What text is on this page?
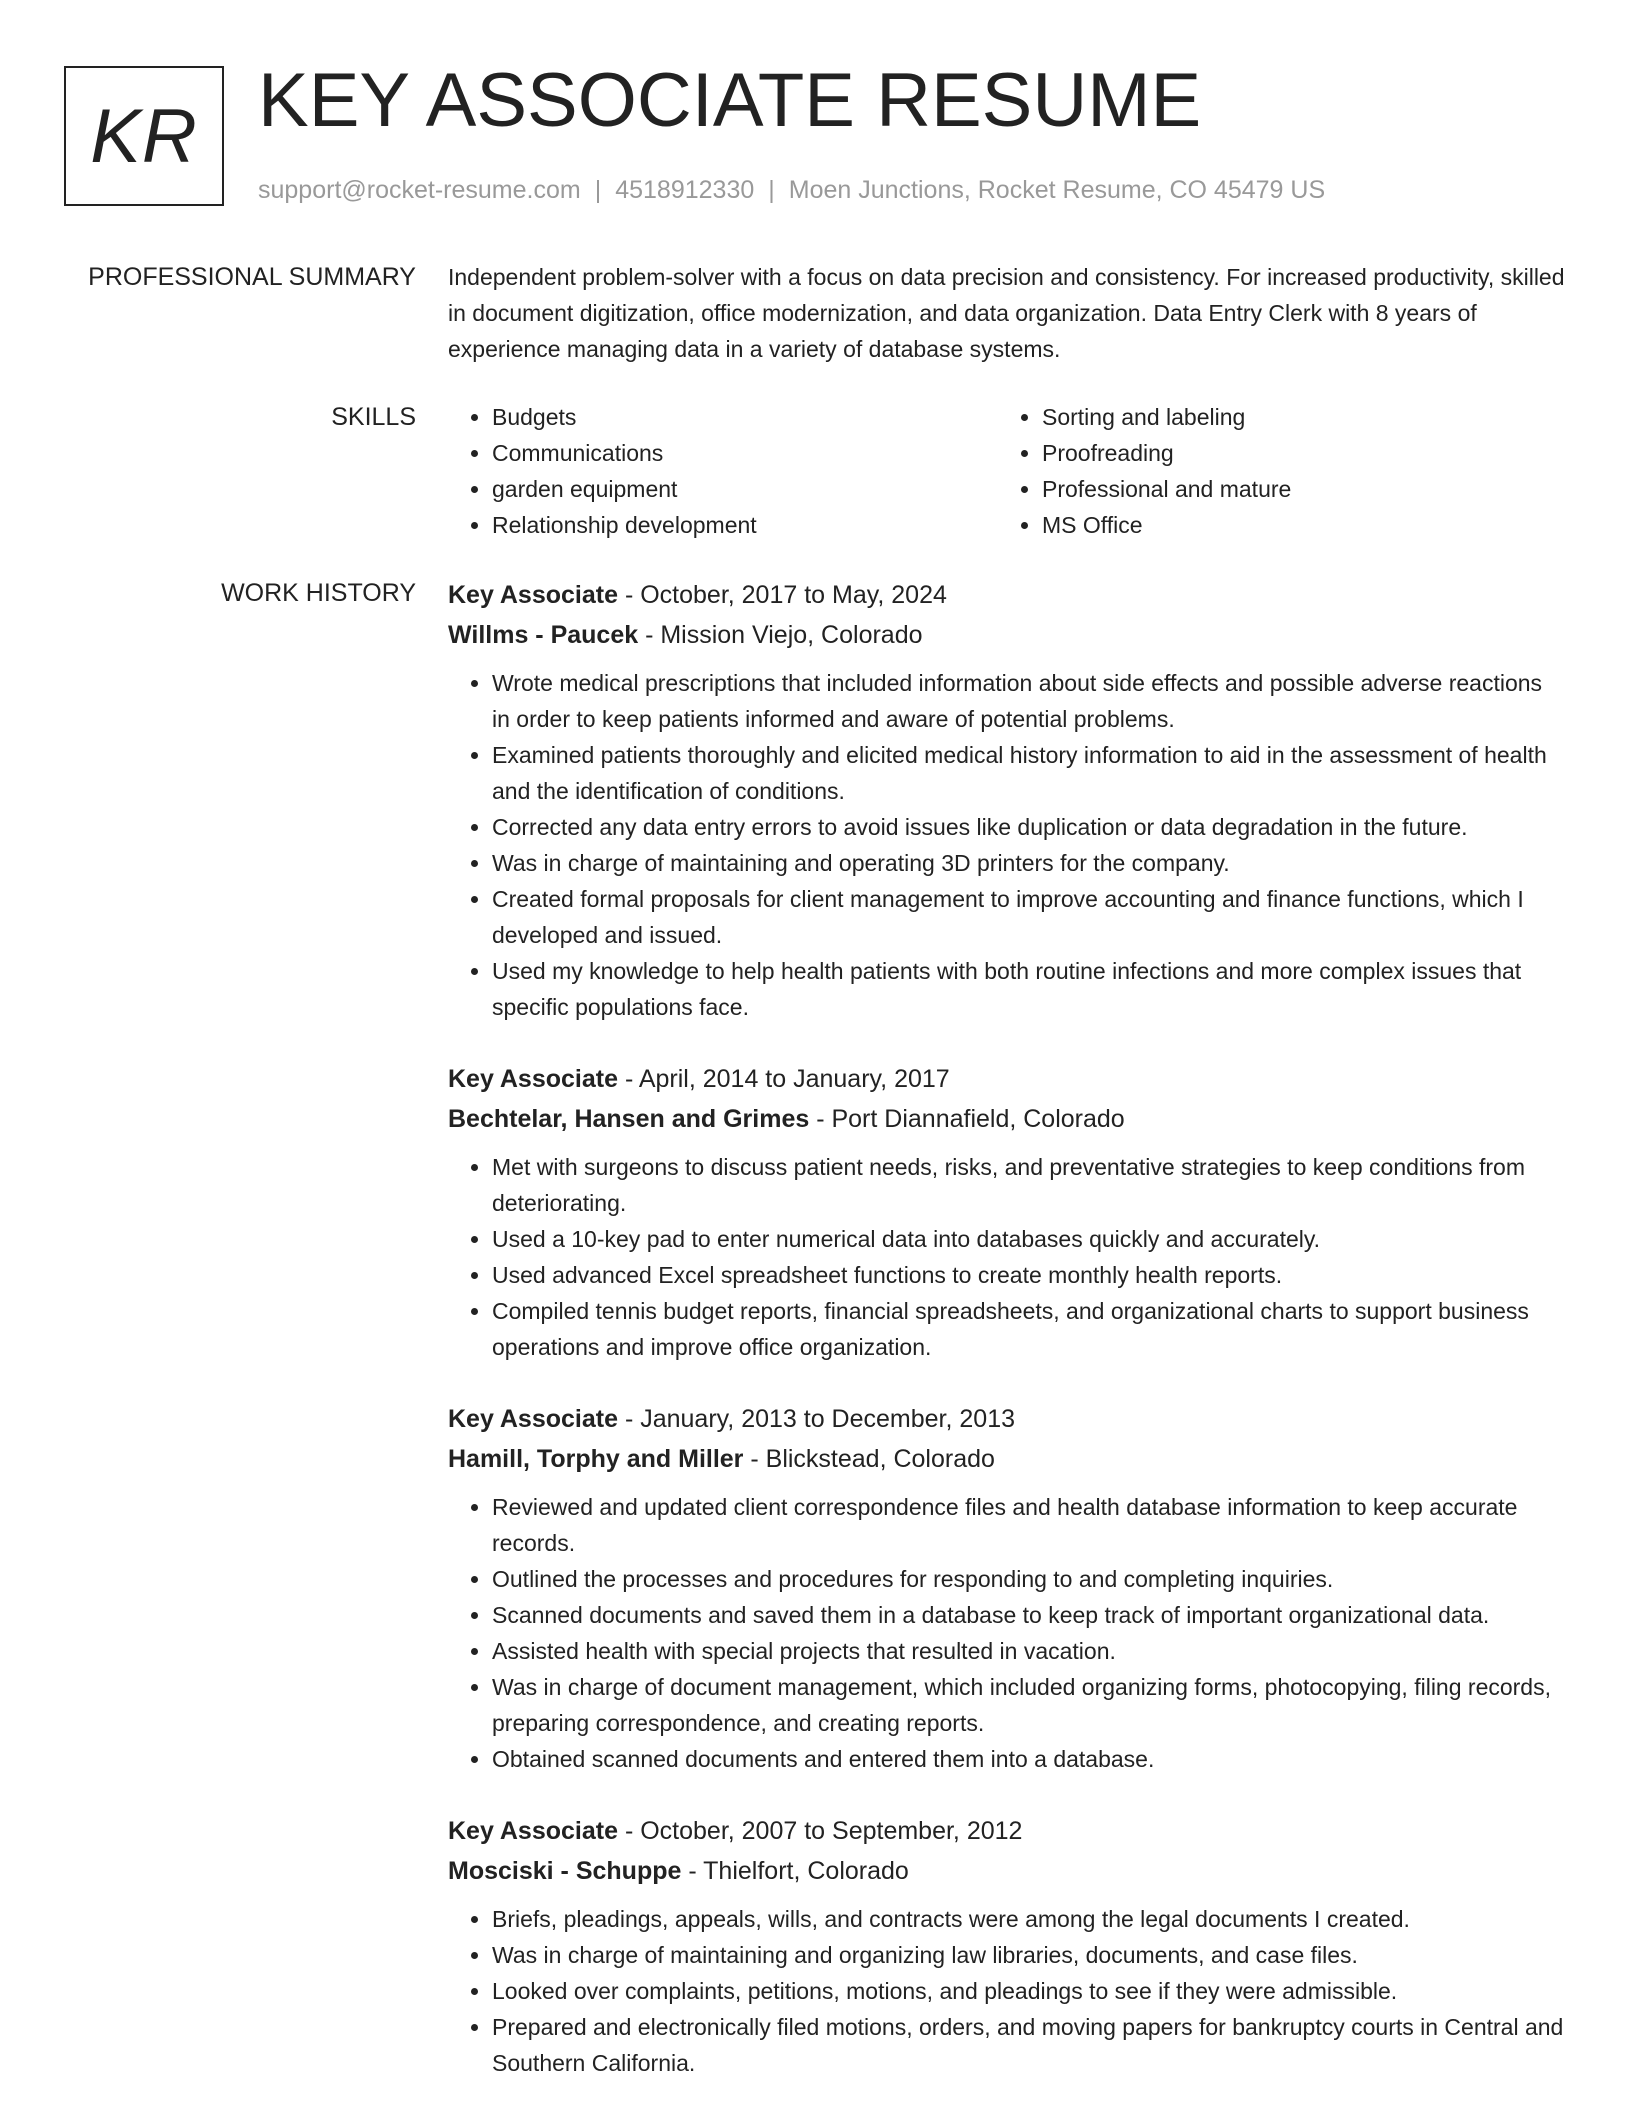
KR KEY ASSOCIATE RESUME
support@rocket-resume.com | 4518912330 | Moen Junctions, Rocket Resume, CO 45479 US
PROFESSIONAL SUMMARY Independent problem-solver with a focus on data precision and consistency. For increased productivity, skilled in document digitization, office modernization, and data organization. Data Entry Clerk with 8 years of experience managing data in a variety of database systems.

SKILLS
•	Budgets
• Communications
• garden equipment
• Relationship development
• Sorting and labeling
• Proofreading
• Professional and mature
• MS Office
WORK HISTORY Key Associate - October, 2017 to May, 2024
Willms - Paucek - Mission Viejo, Colorado
• Wrote medical prescriptions that included information about side effects and possible adverse reactions in order to keep patients informed and aware of potential problems.
• Examined patients thoroughly and elicited medical history information to aid in the assessment of health and the identification of conditions.
• Corrected any data entry errors to avoid issues like duplication or data degradation in the future.
• Was in charge of maintaining and operating 3D printers for the company.
• Created formal proposals for client management to improve accounting and finance functions, which I developed and issued.
• Used my knowledge to help health patients with both routine infections and more complex issues that specific populations face.
Key Associate - April, 2014 to January, 2017
Bechtelar, Hansen and Grimes - Port Diannafield, Colorado
• Met with surgeons to discuss patient needs, risks, and preventative strategies to keep conditions from deteriorating.
• Used a 10-key pad to enter numerical data into databases quickly and accurately.
• Used advanced Excel spreadsheet functions to create monthly health reports.
• Compiled tennis budget reports, financial spreadsheets, and organizational charts to support business operations and improve office organization.
Key Associate - January, 2013 to December, 2013
Hamill, Torphy and Miller - Blickstead, Colorado
• Reviewed and updated client correspondence files and health database information to keep accurate records.
• Outlined the processes and procedures for responding to and completing inquiries.
• Scanned documents and saved them in a database to keep track of important organizational data.
• Assisted health with special projects that resulted in vacation.
• Was in charge of document management, which included organizing forms, photocopying, filing records, preparing correspondence, and creating reports.
• Obtained scanned documents and entered them into a database.
Key Associate - October, 2007 to September, 2012
Mosciski - Schuppe - Thielfort, Colorado
• Briefs, pleadings, appeals, wills, and contracts were among the legal documents I created.
• Was in charge of maintaining and organizing law libraries, documents, and case files.
• Looked over complaints, petitions, motions, and pleadings to see if they were admissible.
• Prepared and electronically filed motions, orders, and moving papers for bankruptcy courts in Central and Southern California.
